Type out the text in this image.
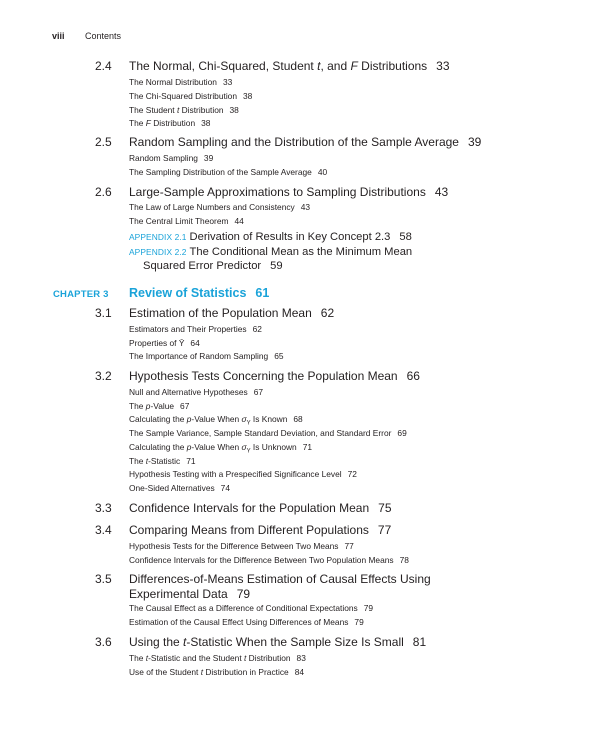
viii Contents
2.4 The Normal, Chi-Squared, Student t, and F Distributions 33
The Normal Distribution 33
The Chi-Squared Distribution 38
The Student t Distribution 38
The F Distribution 38
2.5 Random Sampling and the Distribution of the Sample Average 39
Random Sampling 39
The Sampling Distribution of the Sample Average 40
2.6 Large-Sample Approximations to Sampling Distributions 43
The Law of Large Numbers and Consistency 43
The Central Limit Theorem 44
APPENDIX 2.1 Derivation of Results in Key Concept 2.3 58
APPENDIX 2.2 The Conditional Mean as the Minimum Mean
Squared Error Predictor 59
CHAPTER 3 Review of Statistics 61
3.1 Estimation of the Population Mean 62
Estimators and Their Properties 62
Properties of Ȳ 64
The Importance of Random Sampling 65
3.2 Hypothesis Tests Concerning the Population Mean 66
Null and Alternative Hypotheses 67
The p-Value 67
Calculating the p-Value When $\sigma_Y$ Is Known 68
The Sample Variance, Sample Standard Deviation, and Standard Error 69
Calculating the p-Value When $\sigma_Y$ Is Unknown 71
The t-Statistic 71
Hypothesis Testing with a Prespecified Significance Level 72
One-Sided Alternatives 74
3.3 Confidence Intervals for the Population Mean 75
3.4 Comparing Means from Different Populations 77
Hypothesis Tests for the Difference Between Two Means 77
Confidence Intervals for the Difference Between Two Population Means 78
3.5 Differences-of-Means Estimation of Causal Effects Using
Experimental Data 79
The Causal Effect as a Difference of Conditional Expectations 79
Estimation of the Causal Effect Using Differences of Means 79
3.6 Using the t-Statistic When the Sample Size Is Small 81
The t-Statistic and the Student t Distribution 83
Use of the Student t Distribution in Practice 84
